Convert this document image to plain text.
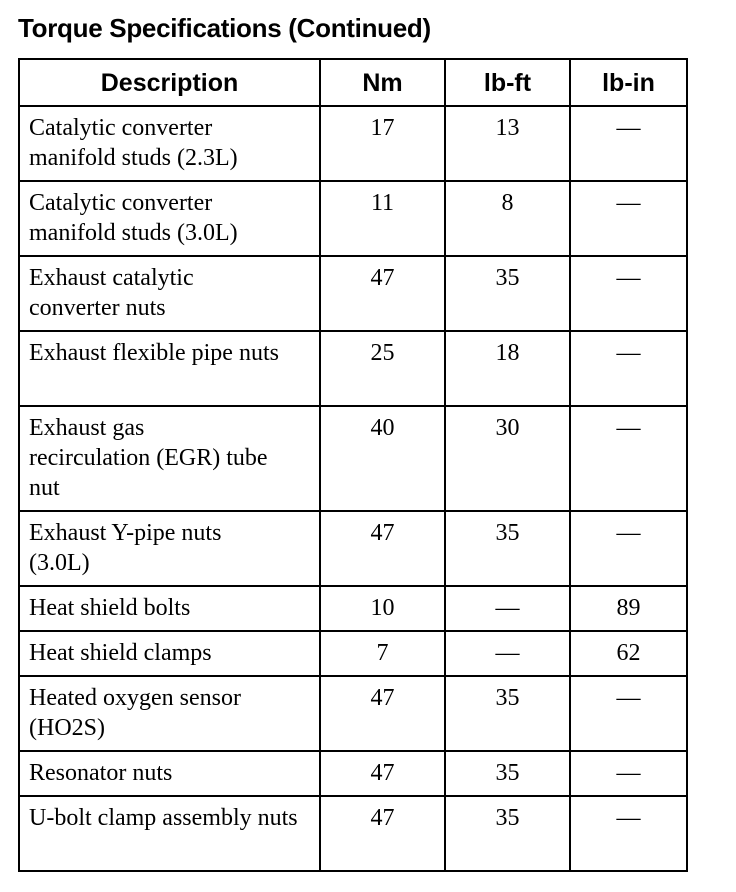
Torque Specifications (Continued)
Description	Nm	lb-ft	lb-in

Catalytic converter manifold studs (2.3L)	17	13	—

Catalytic converter manifold studs (3.0L)	11	8	—

Exhaust catalytic converter nuts	47	35	—

Exhaust flexible pipe nuts	25	18	—

Exhaust gas recirculation (EGR) tube nut	40	30	—

Exhaust Y-pipe nuts (3.0L)	47	35	—

Heat shield bolts	10	—	89

Heat shield clamps	7	—	62

Heated oxygen sensor (HO2S)	47	35	—

Resonator nuts	47	35	—

U-bolt clamp assembly nuts	47	35	—
